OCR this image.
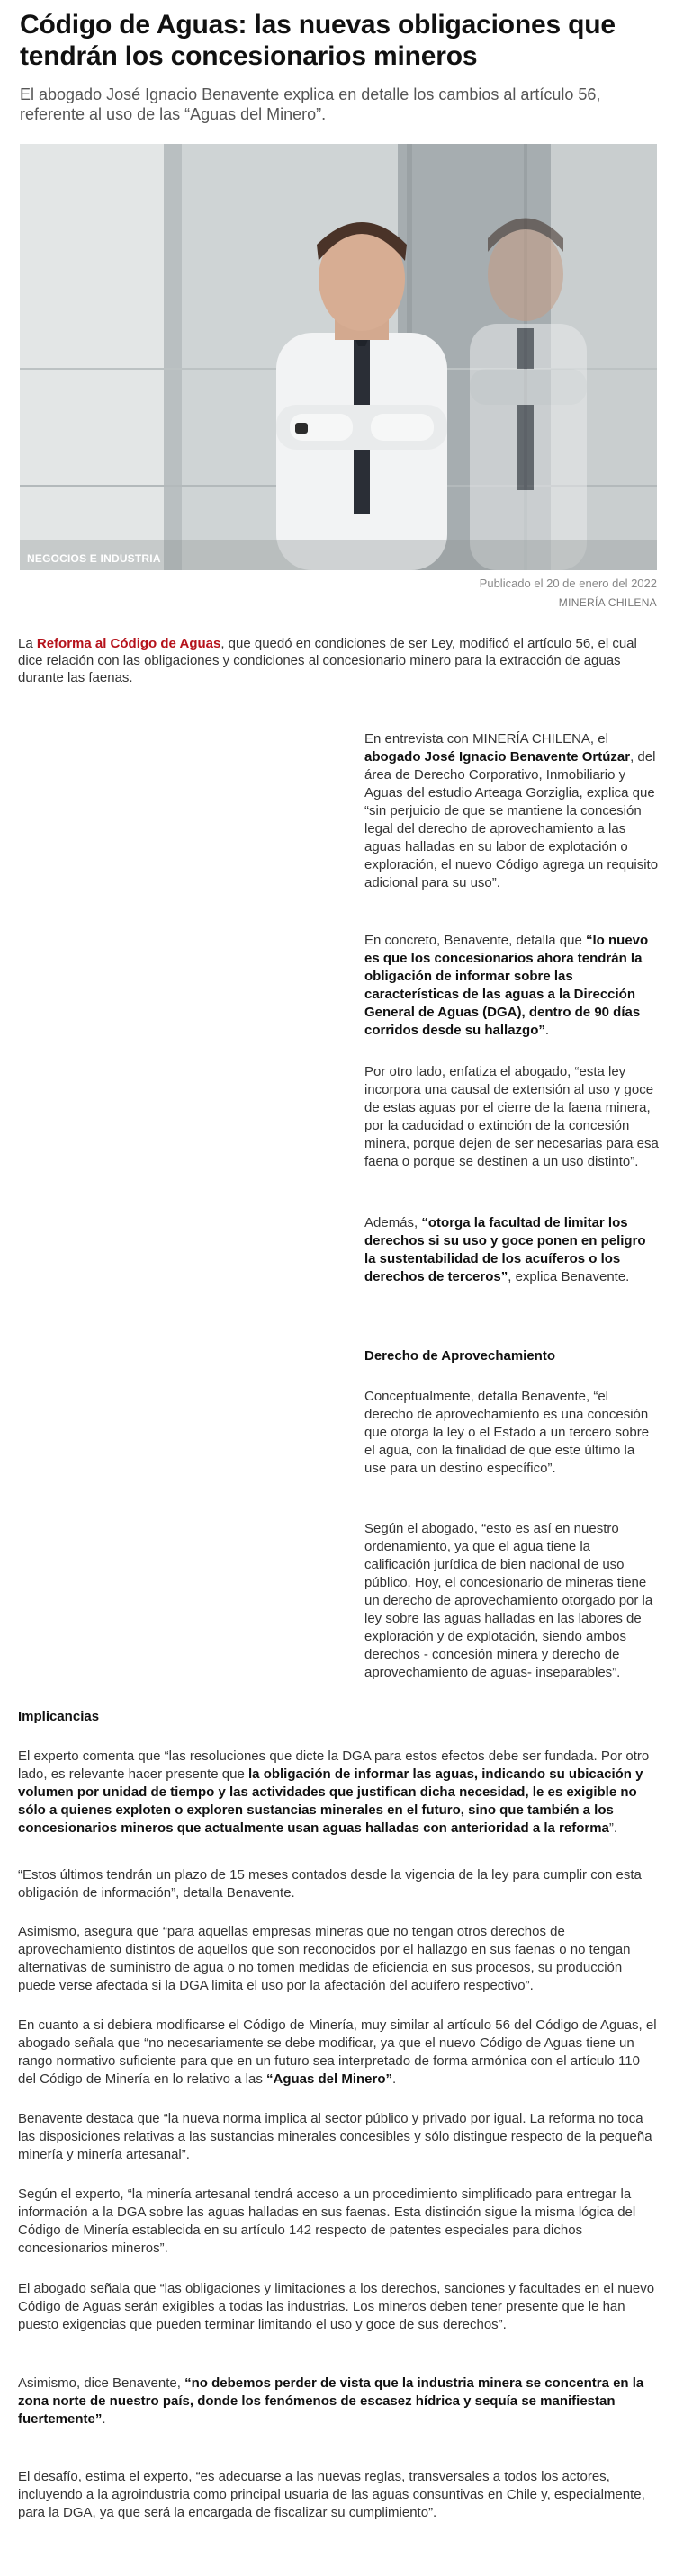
Código de Aguas: las nuevas obligaciones que tendrán los concesionarios mineros

El abogado José Ignacio Benavente explica en detalle los cambios al artículo 56, referente al uso de las “Aguas del Minero”.

NEGOCIOS E INDUSTRIA
Publicado el 20 de enero del 2022
MINERÍA CHILENA

La Reforma al Código de Aguas, que quedó en condiciones de ser Ley, modificó el artículo 56, el cual dice relación con las obligaciones y condiciones al concesionario minero para la extracción de aguas durante las faenas.

En entrevista con MINERÍA CHILENA, el abogado José Ignacio Benavente Ortúzar, del área de Derecho Corporativo, Inmobiliario y Aguas del estudio Arteaga Gorziglia, explica que “sin perjuicio de que se mantiene la concesión legal del derecho de aprovechamiento a las aguas halladas en su labor de explotación o exploración, el nuevo Código agrega un requisito adicional para su uso”.

En concreto, Benavente, detalla que “lo nuevo es que los concesionarios ahora tendrán la obligación de informar sobre las características de las aguas a la Dirección General de Aguas (DGA), dentro de 90 días corridos desde su hallazgo”.

Por otro lado, enfatiza el abogado, “esta ley incorpora una causal de extensión al uso y goce de estas aguas por el cierre de la faena minera, por la caducidad o extinción de la concesión minera, porque dejen de ser necesarias para esa faena o porque se destinen a un uso distinto”.

Además, “otorga la facultad de limitar los derechos si su uso y goce ponen en peligro la sustentabilidad de los acuíferos o los derechos de terceros”, explica Benavente.

Derecho de Aprovechamiento

Conceptualmente, detalla Benavente, “el derecho de aprovechamiento es una concesión que otorga la ley o el Estado a un tercero sobre el agua, con la finalidad de que este último la use para un destino específico”.

Según el abogado, “esto es así en nuestro ordenamiento, ya que el agua tiene la calificación jurídica de bien nacional de uso público. Hoy, el concesionario de mineras tiene un derecho de aprovechamiento otorgado por la ley sobre las aguas halladas en las labores de exploración y de explotación, siendo ambos derechos - concesión minera y derecho de aprovechamiento de aguas- inseparables”.

Implicancias

El experto comenta que “las resoluciones que dicte la DGA para estos efectos debe ser fundada. Por otro lado, es relevante hacer presente que la obligación de informar las aguas, indicando su ubicación y volumen por unidad de tiempo y las actividades que justifican dicha necesidad, le es exigible no sólo a quienes exploten o exploren sustancias minerales en el futuro, sino que también a los concesionarios mineros que actualmente usan aguas halladas con anterioridad a la reforma”.

“Estos últimos tendrán un plazo de 15 meses contados desde la vigencia de la ley para cumplir con esta obligación de información”, detalla Benavente.

Asimismo, asegura que “para aquellas empresas mineras que no tengan otros derechos de aprovechamiento distintos de aquellos que son reconocidos por el hallazgo en sus faenas o no tengan alternativas de suministro de agua o no tomen medidas de eficiencia en sus procesos, su producción puede verse afectada si la DGA limita el uso por la afectación del acuífero respectivo”.

En cuanto a si debiera modificarse el Código de Minería, muy similar al artículo 56 del Código de Aguas, el abogado señala que “no necesariamente se debe modificar, ya que el nuevo Código de Aguas tiene un rango normativo suficiente para que en un futuro sea interpretado de forma armónica con el artículo 110 del Código de Minería en lo relativo a las “Aguas del Minero”.

Benavente destaca que “la nueva norma implica al sector público y privado por igual. La reforma no toca las disposiciones relativas a las sustancias minerales concesibles y sólo distingue respecto de la pequeña minería y minería artesanal”.

Según el experto, “la minería artesanal tendrá acceso a un procedimiento simplificado para entregar la información a la DGA sobre las aguas halladas en sus faenas. Esta distinción sigue la misma lógica del Código de Minería establecida en su artículo 142 respecto de patentes especiales para dichos concesionarios mineros”.

El abogado señala que “las obligaciones y limitaciones a los derechos, sanciones y facultades en el nuevo Código de Aguas serán exigibles a todas las industrias. Los mineros deben tener presente que le han puesto exigencias que pueden terminar limitando el uso y goce de sus derechos”.

Asimismo, dice Benavente, “no debemos perder de vista que la industria minera se concentra en la zona norte de nuestro país, donde los fenómenos de escasez hídrica y sequía se manifiestan fuertemente”.

El desafío, estima el experto, “es adecuarse a las nuevas reglas, transversales a todos los actores, incluyendo a la agroindustria como principal usuaria de las aguas consuntivas en Chile y, especialmente, para la DGA, ya que será la encargada de fiscalizar su cumplimiento”.
